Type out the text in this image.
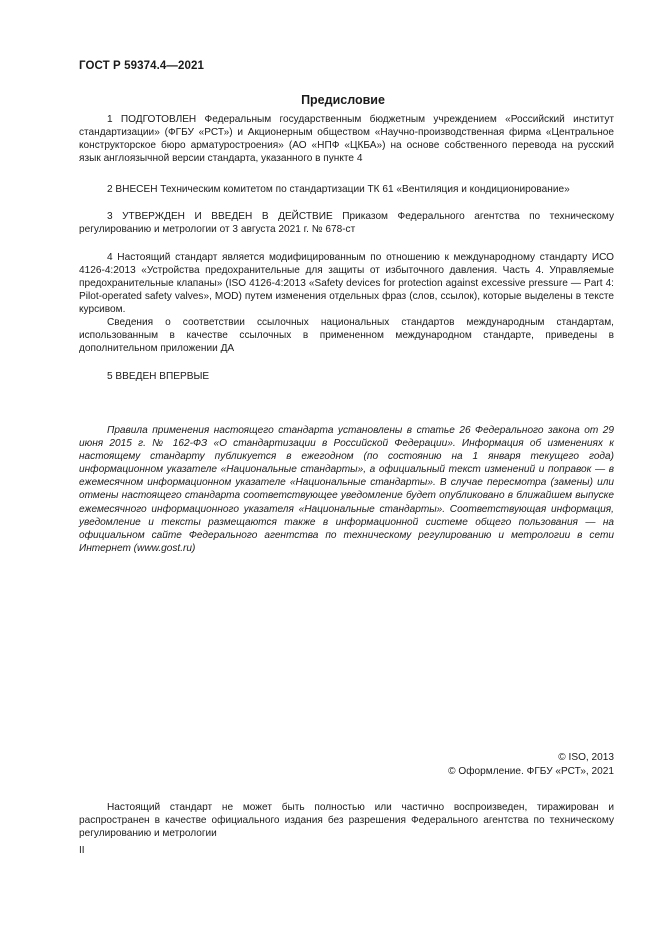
ГОСТ Р 59374.4—2021
Предисловие

1 ПОДГОТОВЛЕН Федеральным государственным бюджетным учреждением «Российский институт стандартизации» (ФГБУ «РСТ») и Акционерным обществом «Научно-производственная фирма «Центральное конструкторское бюро арматуростроения» (АО «НПФ «ЦКБА») на основе собственного перевода на русский язык англоязычной версии стандарта, указанного в пункте 4

2 ВНЕСЕН Техническим комитетом по стандартизации ТК 61 «Вентиляция и кондиционирование»

3 УТВЕРЖДЕН И ВВЕДЕН В ДЕЙСТВИЕ Приказом Федерального агентства по техническому регулированию и метрологии от 3 августа 2021 г. № 678-ст

4 Настоящий стандарт является модифицированным по отношению к международному стандарту ИСО 4126-4:2013 «Устройства предохранительные для защиты от избыточного давления. Часть 4. Управляемые предохранительные клапаны» (ISO 4126-4:2013 «Safety devices for protection against excessive pressure — Part 4: Pilot-operated safety valves», MOD) путем изменения отдельных фраз (слов, ссылок), которые выделены в тексте курсивом.

Сведения о соответствии ссылочных национальных стандартов международным стандартам, использованным в качестве ссылочных в примененном международном стандарте, приведены в дополнительном приложении ДА

5 ВВЕДЕН ВПЕРВЫЕ

Правила применения настоящего стандарта установлены в статье 26 Федерального закона от 29 июня 2015 г. № 162-ФЗ «О стандартизации в Российской Федерации». Информация об изменениях к настоящему стандарту публикуется в ежегодном (по состоянию на 1 января текущего года) информационном указателе «Национальные стандарты», а официальный текст изменений и поправок — в ежемесячном информационном указателе «Национальные стандарты». В случае пересмотра (замены) или отмены настоящего стандарта соответствующее уведомление будет опубликовано в ближайшем выпуске ежемесячного информационного указателя «Национальные стандарты». Соответствующая информация, уведомление и тексты размещаются также в информационной системе общего пользования — на официальном сайте Федерального агентства по техническому регулированию и метрологии в сети Интернет (www.gost.ru)

© ISO, 2013
© Оформление. ФГБУ «РСТ», 2021

Настоящий стандарт не может быть полностью или частично воспроизведен, тиражирован и распространен в качестве официального издания без разрешения Федерального агентства по техническому регулированию и метрологии

II
